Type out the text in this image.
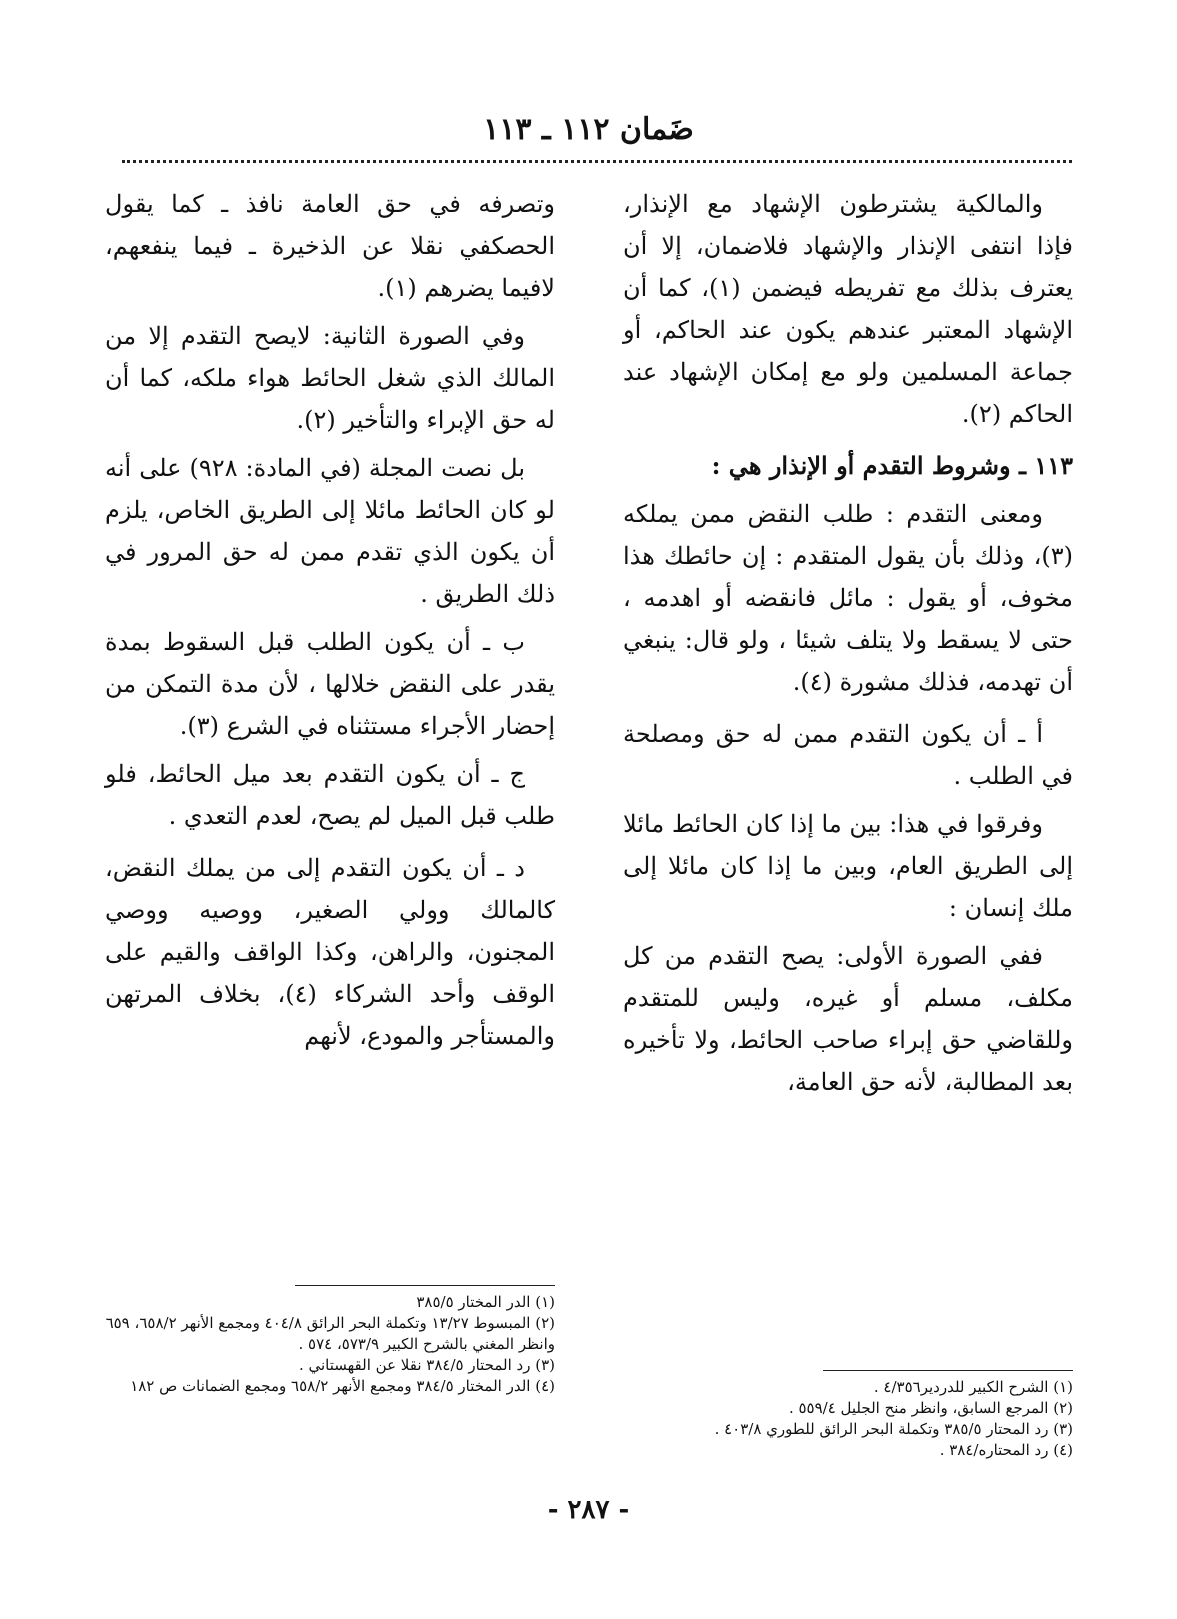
ضَمان ١١٢ ـ ١١٣

والمالكية يشترطون الإشهاد مع الإنذار، فإذا انتفى الإنذار والإشهاد فلاضمان، إلا أن يعترف بذلك مع تفريطه فيضمن (١)، كما أن الإشهاد المعتبر عندهم يكون عند الحاكم، أو جماعة المسلمين ولو مع إمكان الإشهاد عند الحاكم (٢).

١١٣ ـ وشروط التقدم أو الإنذار هي :

ومعنى التقدم : طلب النقض ممن يملكه (٣)، وذلك بأن يقول المتقدم : إن حائطك هذا مخوف، أو يقول : مائل فانقضه أو اهدمه ، حتى لا يسقط ولا يتلف شيئا ، ولو قال: ينبغي أن تهدمه، فذلك مشورة (٤).

أ ـ أن يكون التقدم ممن له حق ومصلحة في الطلب .

وفرقوا في هذا: بين ما إذا كان الحائط مائلا إلى الطريق العام، وبين ما إذا كان مائلا إلى ملك إنسان :

ففي الصورة الأولى: يصح التقدم من كل مكلف، مسلم أو غيره، وليس للمتقدم وللقاضي حق إبراء صاحب الحائط، ولا تأخيره بعد المطالبة، لأنه حق العامة،

وتصرفه في حق العامة نافذ ـ كما يقول الحصكفي نقلا عن الذخيرة ـ فيما ينفعهم، لافيما يضرهم (١).

وفي الصورة الثانية: لايصح التقدم إلا من المالك الذي شغل الحائط هواء ملكه، كما أن له حق الإبراء والتأخير (٢).

بل نصت المجلة (في المادة: ٩٢٨) على أنه لو كان الحائط مائلا إلى الطريق الخاص، يلزم أن يكون الذي تقدم ممن له حق المرور في ذلك الطريق .

ب ـ أن يكون الطلب قبل السقوط بمدة يقدر على النقض خلالها ، لأن مدة التمكن من إحضار الأجراء مستثناه في الشرع (٣).

ج ـ أن يكون التقدم بعد ميل الحائط، فلو طلب قبل الميل لم يصح، لعدم التعدي .

د ـ أن يكون التقدم إلى من يملك النقض، كالمالك وولي الصغير، ووصيه ووصي المجنون، والراهن، وكذا الواقف والقيم على الوقف وأحد الشركاء (٤)، بخلاف المرتهن والمستأجر والمودع، لأنهم

(١) الدر المختار ٣٨٥/٥

(٢) المبسوط ١٣/٢٧ وتكملة البحر الرائق ٤٠٤/٨ ومجمع الأنهر ٦٥٨/٢، ٦٥٩ وانظر المغني بالشرح الكبير ٥٧٣/٩، ٥٧٤ .

(٣) رد المحتار ٣٨٤/٥ نقلا عن القهستاني .

(٤) الدر المختار ٣٨٤/٥ ومجمع الأنهر ٦٥٨/٢ ومجمع الضمانات ص ١٨٢	(١) الشرح الكبير للدردير٤/٣٥٦ .

(٢) المرجع السابق، وانظر منح الجليل ٥٥٩/٤ .

(٣) رد المحتار ٣٨٥/٥ وتكملة البحر الرائق للطوري ٤٠٣/٨ .

(٤) رد المحتاره/٣٨٤ .

- ٢٨٧ -
